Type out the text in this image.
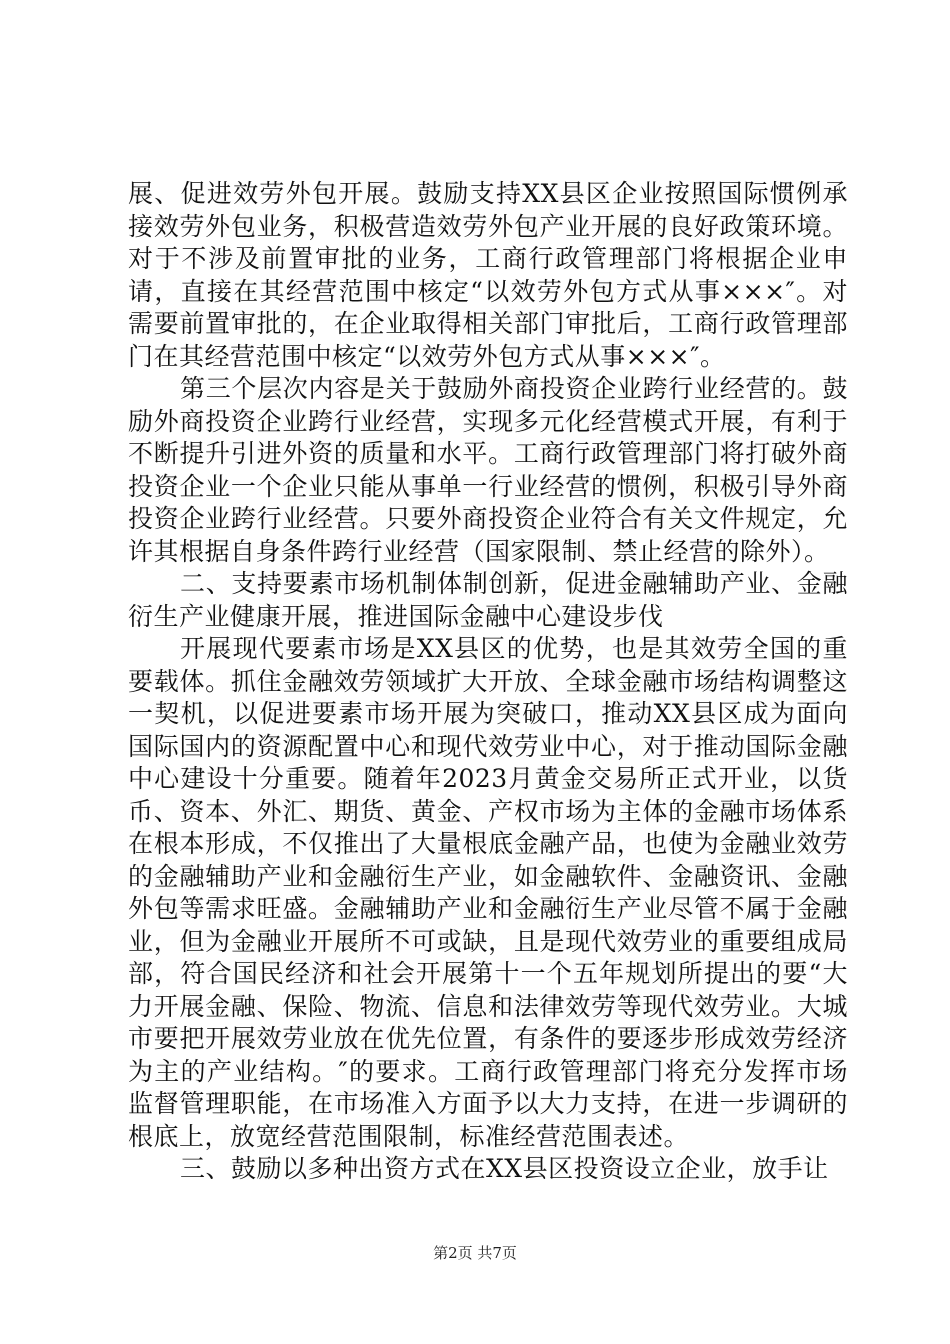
展、促进效劳外包开展。鼓励支持XX县区企业按照国际惯例承接效劳外包业务，积极营造效劳外包产业开展的良好政策环境。对于不涉及前置审批的业务，工商行政管理部门将根据企业申请，直接在其经营范围中核定“以效劳外包方式从事×××″。对需要前置审批的，在企业取得相关部门审批后，工商行政管理部门在其经营范围中核定“以效劳外包方式从事×××″。

第三个层次内容是关于鼓励外商投资企业跨行业经营的。鼓励外商投资企业跨行业经营，实现多元化经营模式开展，有利于不断提升引进外资的质量和水平。工商行政管理部门将打破外商投资企业一个企业只能从事单一行业经营的惯例，积极引导外商投资企业跨行业经营。只要外商投资企业符合有关文件规定，允许其根据自身条件跨行业经营（国家限制、禁止经营的除外）。

二、支持要素市场机制体制创新，促进金融辅助产业、金融衍生产业健康开展，推进国际金融中心建设步伐

开展现代要素市场是XX县区的优势，也是其效劳全国的重要载体。抓住金融效劳领域扩大开放、全球金融市场结构调整这一契机，以促进要素市场开展为突破口，推动XX县区成为面向国际国内的资源配置中心和现代效劳业中心，对于推动国际金融中心建设十分重要。随着年2023月黄金交易所正式开业，以货币、资本、外汇、期货、黄金、产权市场为主体的金融市场体系在根本形成，不仅推出了大量根底金融产品，也使为金融业效劳的金融辅助产业和金融衍生产业，如金融软件、金融资讯、金融外包等需求旺盛。金融辅助产业和金融衍生产业尽管不属于金融业，但为金融业开展所不可或缺，且是现代效劳业的重要组成局部，符合国民经济和社会开展第十一个五年规划所提出的要“大力开展金融、保险、物流、信息和法律效劳等现代效劳业。大城市要把开展效劳业放在优先位置，有条件的要逐步形成效劳经济为主的产业结构。″的要求。工商行政管理部门将充分发挥市场监督管理职能，在市场准入方面予以大力支持，在进一步调研的根底上，放宽经营范围限制，标准经营范围表述。

三、鼓励以多种出资方式在XX县区投资设立企业，放手让

第2页 共7页
